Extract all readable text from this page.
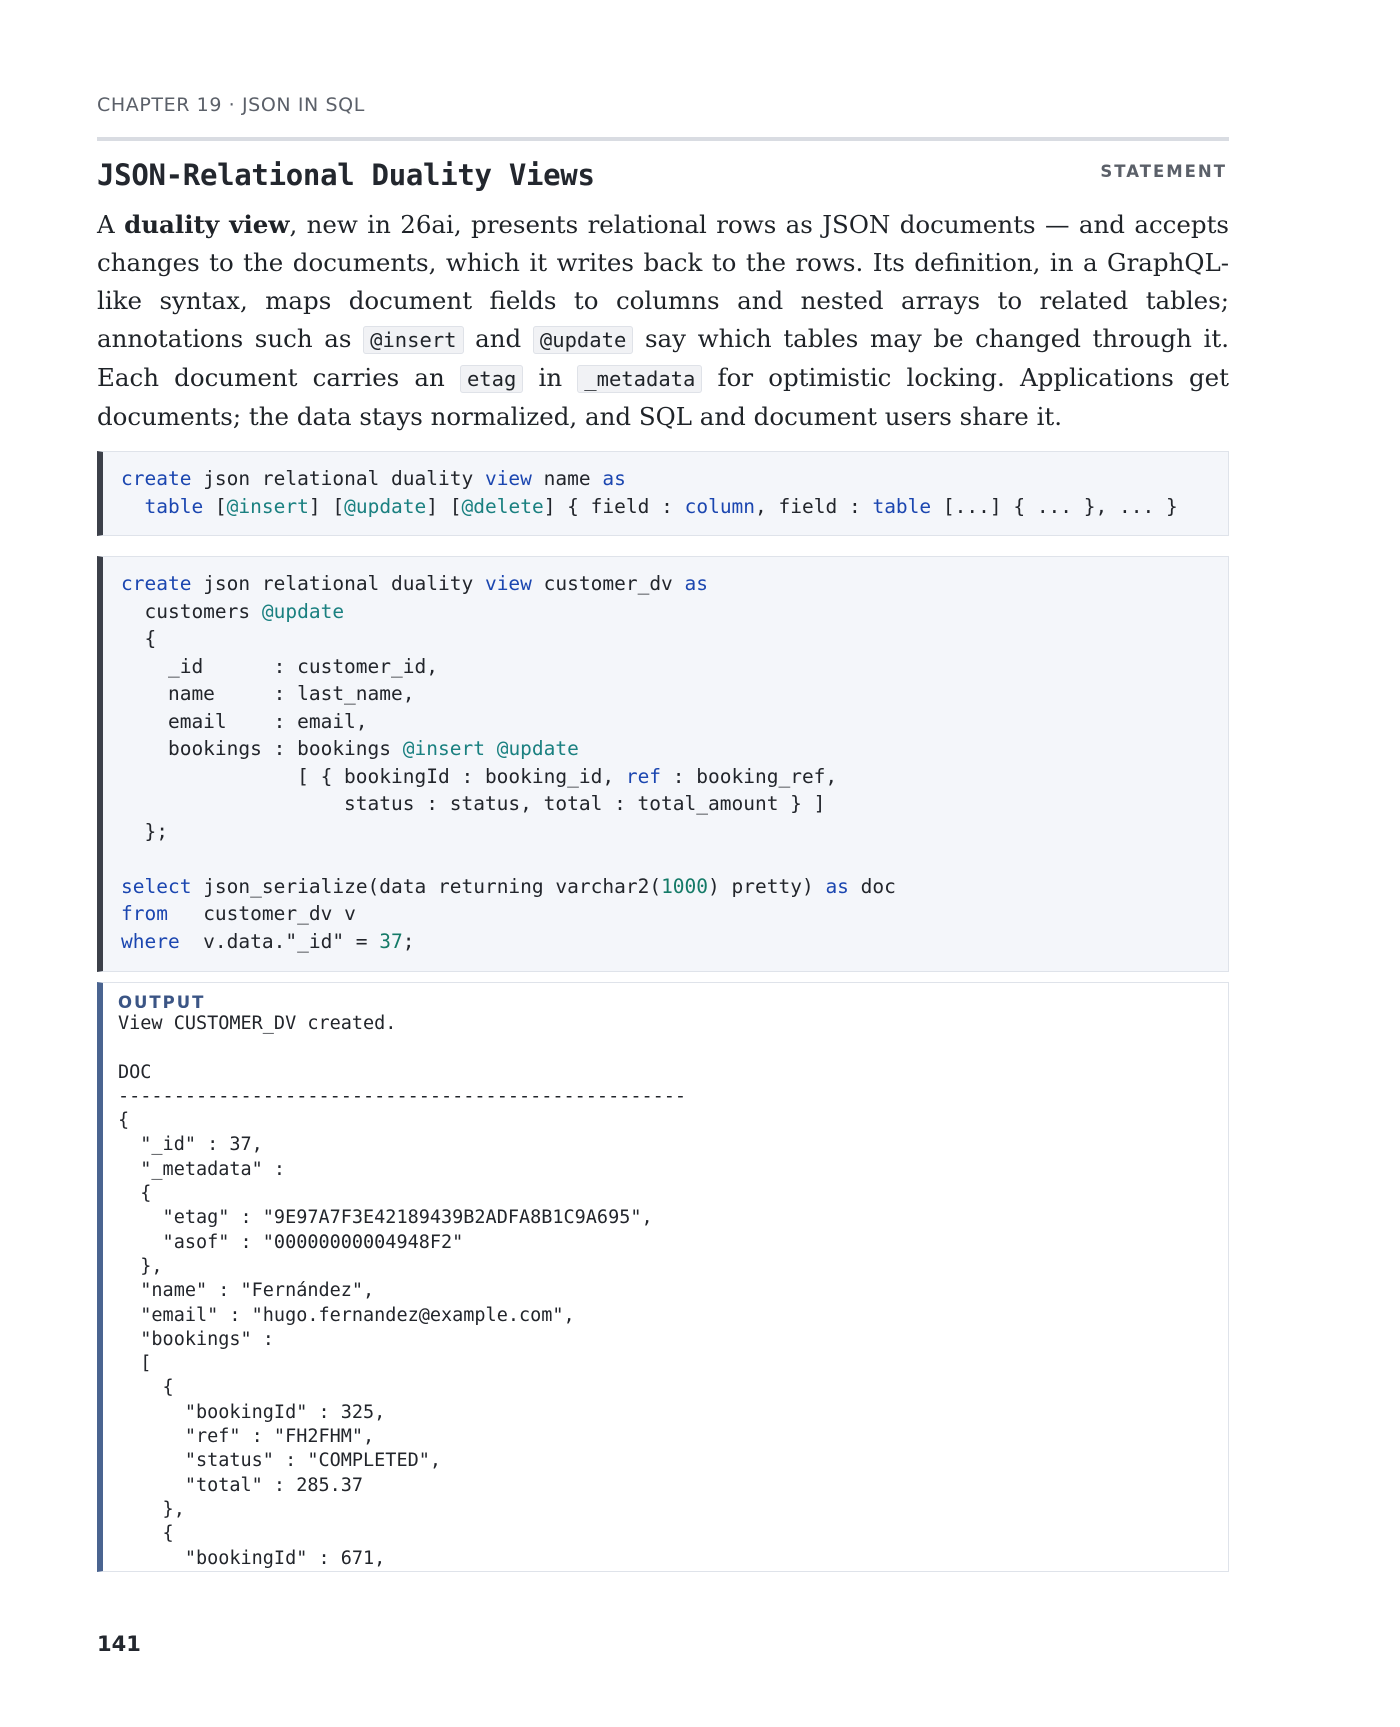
CHAPTER 19 · JSON IN SQL
JSON-Relational Duality Views	STATEMENT
A duality view, new in 26ai, presents relational rows as JSON documents — and accepts changes to the documents, which it writes back to the rows. Its definition, in a GraphQL-like syntax, maps document fields to columns and nested arrays to related tables; annotations such as @insert and @update say which tables may be changed through it. Each document carries an etag in _metadata for optimistic locking. Applications get documents; the data stays normalized, and SQL and document users share it.
create json relational duality view name as
table [@insert] [@update] [@delete] { field : column, field : table [...] { ... }, ... }
create json relational duality view customer_dv as
customers @update
{
_id      : customer_id,
name     : last_name,
email    : email,
bookings : bookings @insert @update
[ { bookingId : booking_id, ref : booking_ref,
status : status, total : total_amount } ]
};

select json_serialize(data returning varchar2(1000) pretty) as doc
from   customer_dv v
where  v.data."_id" = 37;
OUTPUT
View CUSTOMER_DV created.

DOC
---------------------------------------------------
{
"_id" : 37,
"_metadata" :
{
"etag" : "9E97A7F3E42189439B2ADFA8B1C9A695",
"asof" : "00000000004948F2"
},
"name" : "Fernández",
"email" : "hugo.fernandez@example.com",
"bookings" :
[
{
"bookingId" : 325,
"ref" : "FH2FHM",
"status" : "COMPLETED",
"total" : 285.37
},
{
"bookingId" : 671,
141
